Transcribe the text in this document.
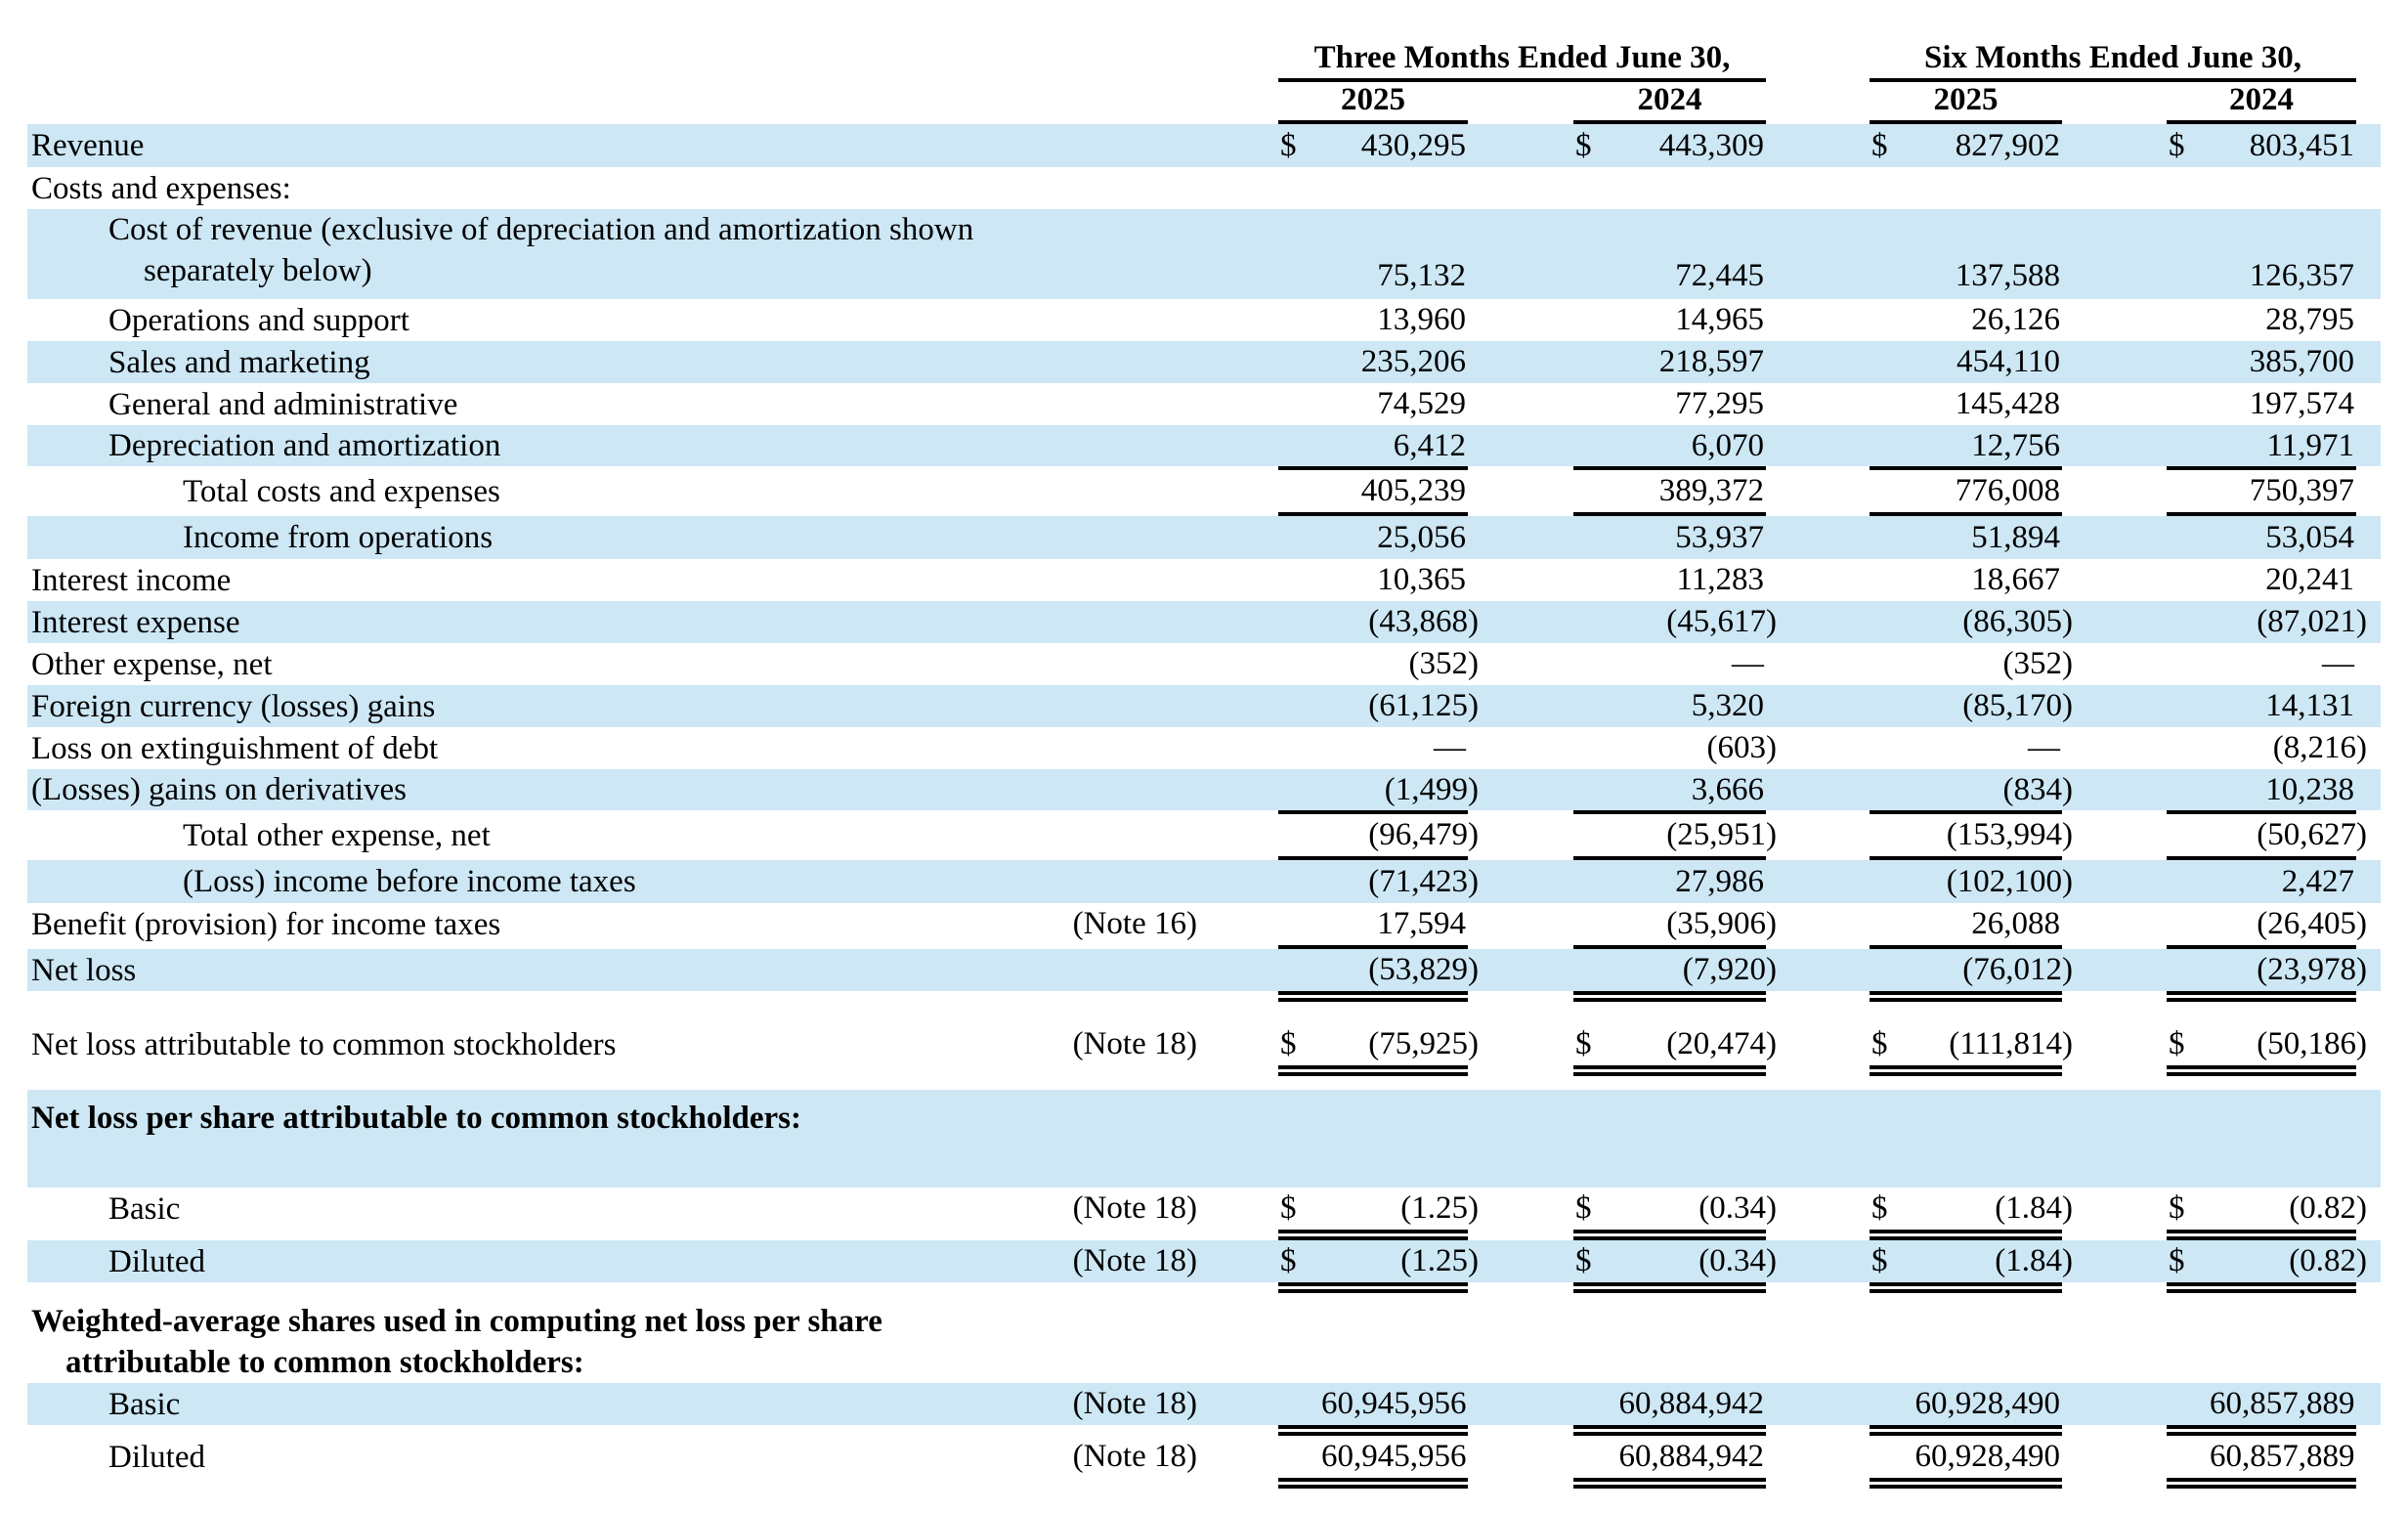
			Three Months Ended June 30,						Six Months Ended June 30,					
			2025			2024			2025			2024		
Revenue			$	430,295		$	443,309		$	827,902		$	803,451	
Costs and expenses:														
Cost of revenue (exclusive of depreciation and amortization shown separately below)				75,132			72,445			137,588			126,357	
Operations and support				13,960			14,965			26,126			28,795	
Sales and marketing				235,206			218,597			454,110			385,700	
General and administrative				74,529			77,295			145,428			197,574	
Depreciation and amortization				6,412			6,070			12,756			11,971	
Total costs and expenses				405,239			389,372			776,008			750,397	
Income from operations				25,056			53,937			51,894			53,054	
Interest income				10,365			11,283			18,667			20,241	
Interest expense				(43,868)			(45,617)			(86,305)			(87,021)	
Other expense, net				(352)			—			(352)			—	
Foreign currency (losses) gains				(61,125)			5,320			(85,170)			14,131	
Loss on extinguishment of debt				—			(603)			—			(8,216)	
(Losses) gains on derivatives				(1,499)			3,666			(834)			10,238	
Total other expense, net				(96,479)			(25,951)			(153,994)			(50,627)	
(Loss) income before income taxes				(71,423)			27,986			(102,100)			2,427	
Benefit (provision) for income taxes	(Note 16)			17,594			(35,906)			26,088			(26,405)	
Net loss				(53,829)			(7,920)			(76,012)			(23,978)	

Net loss attributable to common stockholders	(Note 18)		$	(75,925)		$	(20,474)		$	(111,814)		$	(50,186)	

Net loss per share attributable to common stockholders:														
Basic	(Note 18)		$	(1.25)		$	(0.34)		$	(1.84)		$	(0.82)	
Diluted	(Note 18)		$	(1.25)		$	(0.34)		$	(1.84)		$	(0.82)	
Weighted-average shares used in computing net loss per share attributable to common stockholders:														
Basic	(Note 18)			60,945,956			60,884,942			60,928,490			60,857,889	
Diluted	(Note 18)			60,945,956			60,884,942			60,928,490			60,857,889	
